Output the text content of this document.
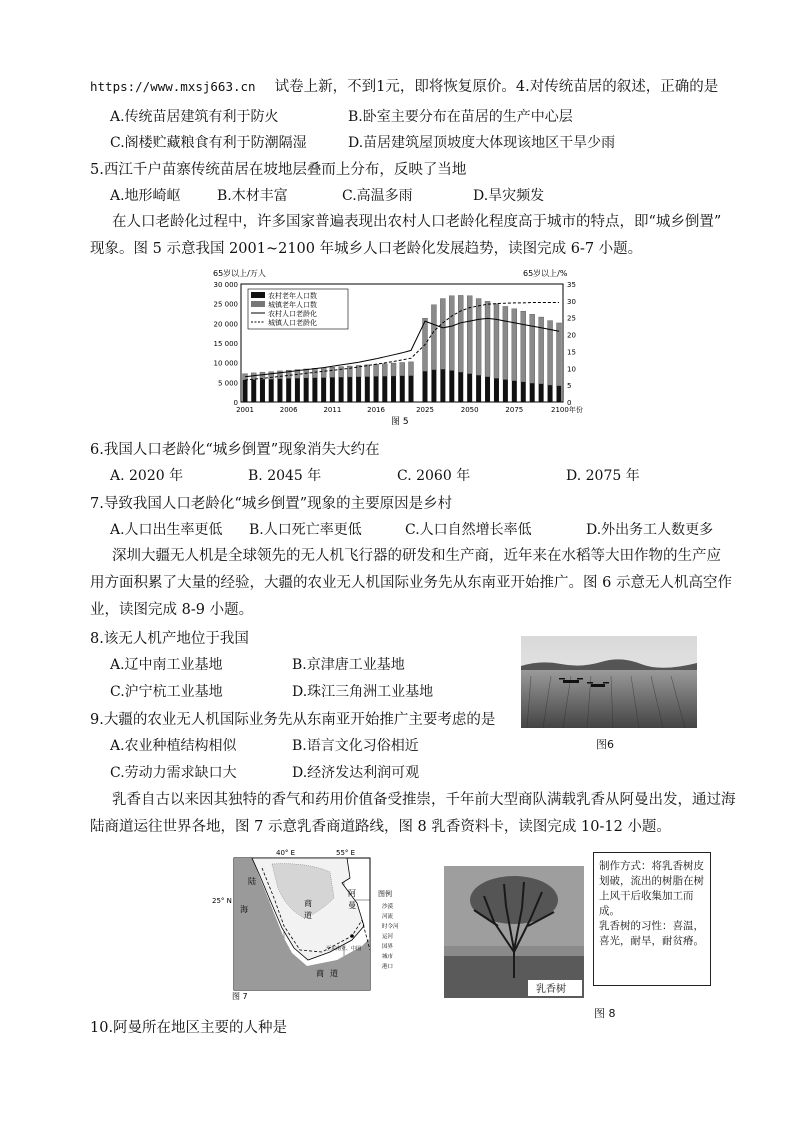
https://www.mxsj663.cn 试卷上新，不到1元，即将恢复原价。4.对传统苗居的叙述，正确的是
A.传统苗居建筑有利于防火	B.卧室主要分布在苗居的生产中心层
C.阁楼贮藏粮食有利于防潮隔湿	D.苗居建筑屋顶坡度大体现该地区干旱少雨
5.西江千户苗寨传统苗居在坡地层叠而上分布，反映了当地
A.地形崎岖	B.木材丰富	C.高温多雨	D.旱灾频发
在人口老龄化过程中，许多国家普遍表现出农村人口老龄化程度高于城市的特点，即“城乡倒置”
现象。图 5 示意我国 2001~2100 年城乡人口老龄化发展趋势，读图完成 6-7 小题。
65岁以上/万人	65岁以上/%
30 000
25 000
20 000
15 000
10 000
5 000
0
35
30
25
20
15
10
5
0
2001	2006	2011	2016	2025	2050	2075	2100年份
农村老年人口数
城镇老年人口数
农村人口老龄化
城镇人口老龄化
图 5
6.我国人口老龄化“城乡倒置”现象消失大约在
A. 2020 年	B. 2045 年	C. 2060 年	D. 2075 年
7.导致我国人口老龄化“城乡倒置”现象的主要原因是乡村
A.人口出生率更低 B.人口死亡率更低	C.人口自然增长率低	D.外出务工人数更多
深圳大疆无人机是全球领先的无人机飞行器的研发和生产商，近年来在水稻等大田作物的生产应
用方面积累了大量的经验，大疆的农业无人机国际业务先从东南亚开始推广。图 6 示意无人机高空作
业，读图完成 8-9 小题。
8.该无人机产地位于我国
A.辽中南工业基地	B.京津唐工业基地
C.沪宁杭工业基地	D.珠江三角洲工业基地
9.大疆的农业无人机国际业务先从东南亚开始推广主要考虑的是
A.农业种植结构相似	B.语言文化习俗相近
C.劳动力需求缺口大	D.经济发达利润可观
图6
乳香自古以来因其独特的香气和药用价值备受推崇，千年前大型商队满载乳香从阿曼出发，通过海
陆商道运往世界各地，图 7 示意乳香商道路线，图 8 乳香资料卡，读图完成 10-12 小题。
40° E	55° E
25° N
陆
商
道
阿
曼
海
商 道
至东南亚、中国
图 7
图例
沙漠
河流
时令河
运河
国界
城市
港口
乳香树
制作方式：将乳香树皮
划破，流出的树脂在树
上风干后收集加工而
成。
乳香树的习性：喜温，
喜光，耐旱，耐贫瘠。
图 8
10.阿曼所在地区主要的人种是
